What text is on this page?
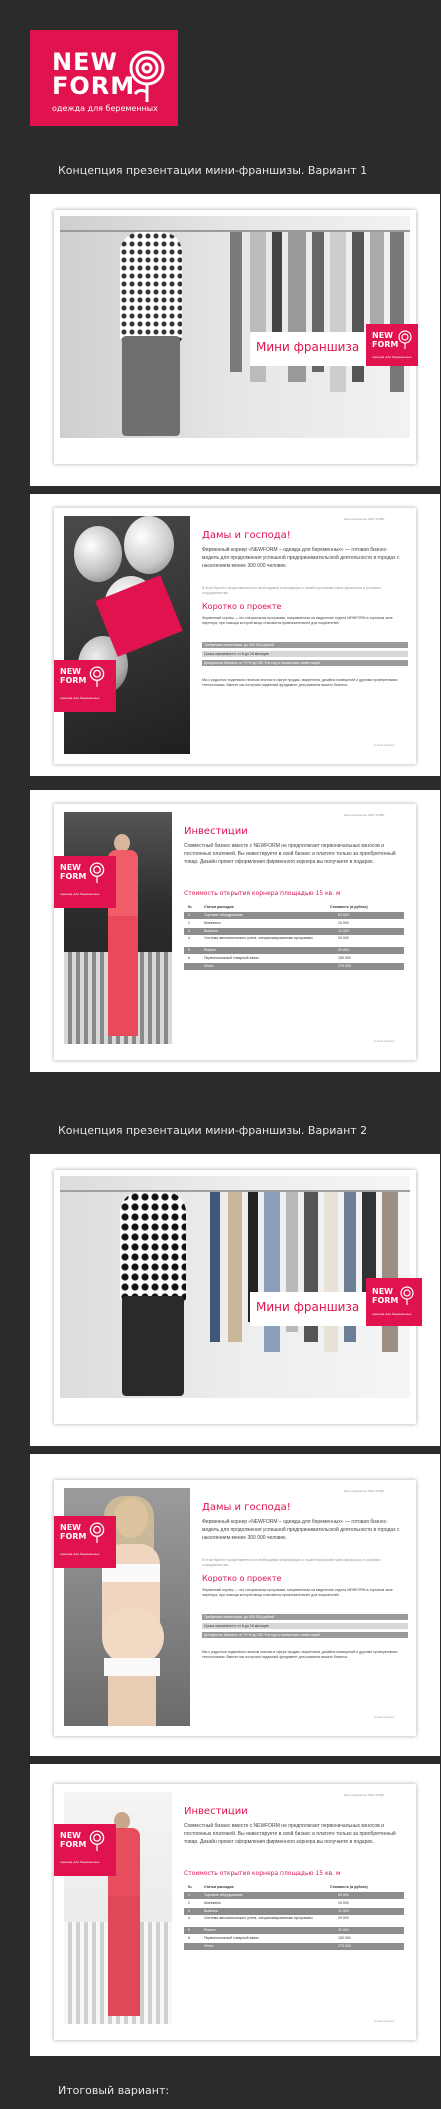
NEW
FORM
одежда для беременных
Концепция презентации мини-франшизы. Вариант 1
Мини франшиза
NEW
FORM
одежда для беременных
NEW
FORM
одежда для беременных
Мини франшиза NEW FORM
Дамы и господа!
Фирменный корнер «NEWFORM – одежда для беременных» — готовая бизнес-модель для продолжения успешной предпринимательской деятельности в городах с населением менее 300 000 человек.
В этом буклете представлена вся необходимая информация о нашей программе мини-франшизы и условиях сотрудничества.
Коротко о проекте
Фирменный корнер — это специальная программа, направленная на выделение отдела NEWFORM в торговом зале партнера, при помощи которой вещи становятся привлекательнее для покупателей.
Требуемые инвестиции: до 400 000 рублей
Сроки окупаемости: от 6 до 18 месяцев
Доходность бизнеса: от 70 % до 180 % в год от вложенных инвестиций
Мы с радостью поделимся личным опытом в сфере продаж, маркетинга, дизайна помещений и другими проверенными технологиями. Вместе мы построим надежный фундамент для развития вашего бизнеса.
Новый формат
NEW
FORM
одежда для беременных
Мини франшиза NEW FORM
Инвестиции
Совместный бизнес вместе с NEWFORM не предполагает первоначальных взносов и постоянных платежей. Вы инвестируете в свой бизнес и платите только за приобретенный товар. Дизайн проект оформления фирменного корнера вы получаете в подарок.
Стоимость открытия корнера площадью 15 кв. м
№	Статьи расходов	Стоимость (в рублях)
1	Торговое оборудование	60 000
2	Манекены	10 000
3	Вывеска	10 000
4	Система автоматического учета, специализированные программы	20 000
5	Ремонт	20 000
6	Первоначальный товарный запас	150 000
Итого:	270 000
Новый формат
Концепция презентации мини-франшизы. Вариант 2
Мини франшиза
NEW
FORM
одежда для беременных
NEW
FORM
одежда для беременных
Мини франшиза NEW FORM
Дамы и господа!
Фирменный корнер «NEWFORM – одежда для беременных» — готовая бизнес-модель для продолжения успешной предпринимательской деятельности в городах с населением менее 300 000 человек.
В этом буклете представлена вся необходимая информация о нашей программе мини-франшизы и условиях сотрудничества.
Коротко о проекте
Фирменный корнер — это специальная программа, направленная на выделение отдела NEWFORM в торговом зале партнера, при помощи которой вещи становятся привлекательнее для покупателей.
Требуемые инвестиции: до 400 000 рублей
Сроки окупаемости: от 6 до 18 месяцев
Доходность бизнеса: от 70 % до 180 % в год от вложенных инвестиций
Мы с радостью поделимся личным опытом в сфере продаж, маркетинга, дизайна помещений и другими проверенными технологиями. Вместе мы построим надежный фундамент для развития вашего бизнеса.
Новый формат
NEW
FORM
одежда для беременных
Мини франшиза NEW FORM
Инвестиции
Совместный бизнес вместе с NEWFORM не предполагает первоначальных взносов и постоянных платежей. Вы инвестируете в свой бизнес и платите только за приобретенный товар. Дизайн проект оформления фирменного корнера вы получаете в подарок.
Стоимость открытия корнера площадью 15 кв. м
№	Статьи расходов	Стоимость (в рублях)
1	Торговое оборудование	60 000
2	Манекены	10 000
3	Вывеска	10 000
4	Система автоматического учета, специализированные программы	20 000
5	Ремонт	20 000
6	Первоначальный товарный запас	150 000
Итого:	270 000
Новый формат
Итоговый вариант:
